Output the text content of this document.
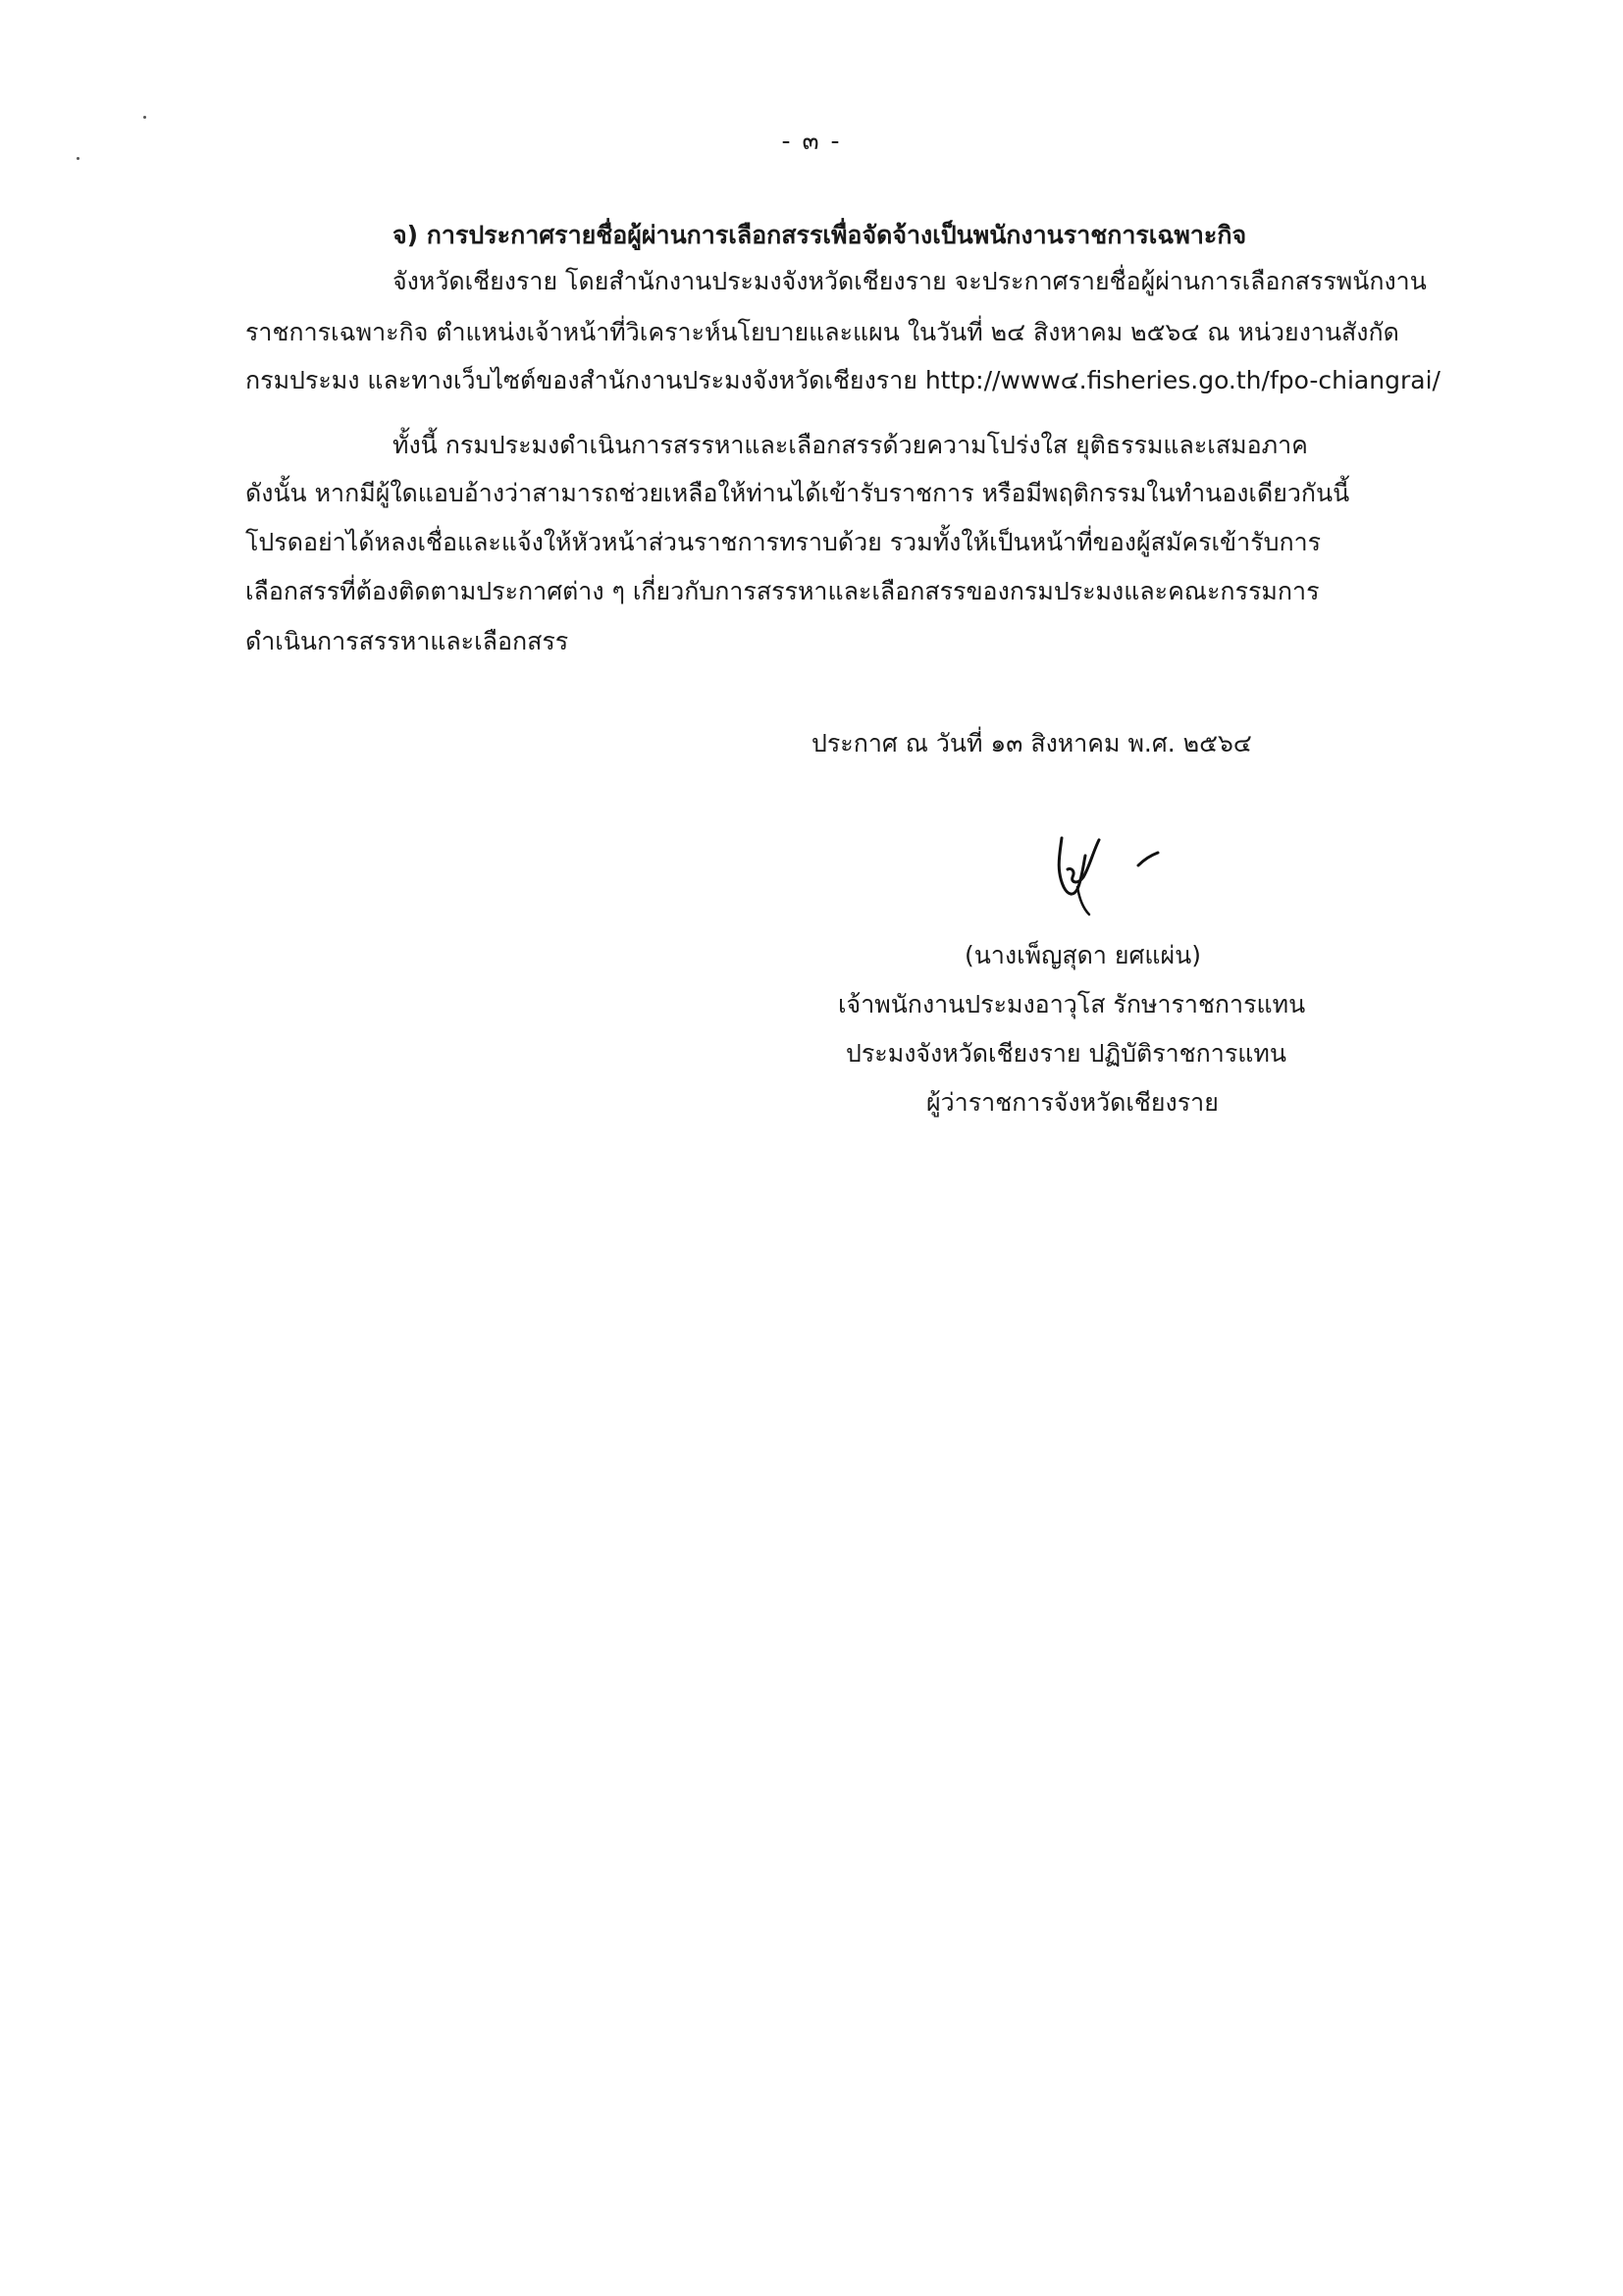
- ๓ -
จ) การประกาศรายชื่อผู้ผ่านการเลือกสรรเพื่อจัดจ้างเป็นพนักงานราชการเฉพาะกิจ
จังหวัดเชียงราย โดยสำนักงานประมงจังหวัดเชียงราย จะประกาศรายชื่อผู้ผ่านการเลือกสรรพนักงาน
ราชการเฉพาะกิจ ตำแหน่งเจ้าหน้าที่วิเคราะห์นโยบายและแผน ในวันที่ ๒๔ สิงหาคม ๒๕๖๔ ณ หน่วยงานสังกัด
กรมประมง และทางเว็บไซต์ของสำนักงานประมงจังหวัดเชียงราย http://www๔.fisheries.go.th/fpo-chiangrai/
ทั้งนี้ กรมประมงดำเนินการสรรหาและเลือกสรรด้วยความโปร่งใส ยุติธรรมและเสมอภาค
ดังนั้น หากมีผู้ใดแอบอ้างว่าสามารถช่วยเหลือให้ท่านได้เข้ารับราชการ หรือมีพฤติกรรมในทำนองเดียวกันนี้
โปรดอย่าได้หลงเชื่อและแจ้งให้หัวหน้าส่วนราชการทราบด้วย รวมทั้งให้เป็นหน้าที่ของผู้สมัครเข้ารับการ
เลือกสรรที่ต้องติดตามประกาศต่าง ๆ เกี่ยวกับการสรรหาและเลือกสรรของกรมประมงและคณะกรรมการ
ดำเนินการสรรหาและเลือกสรร
ประกาศ ณ วันที่ ๑๓ สิงหาคม พ.ศ. ๒๕๖๔
(นางเพ็ญสุดา ยศแผ่น)
เจ้าพนักงานประมงอาวุโส รักษาราชการแทน
ประมงจังหวัดเชียงราย ปฏิบัติราชการแทน
ผู้ว่าราชการจังหวัดเชียงราย
